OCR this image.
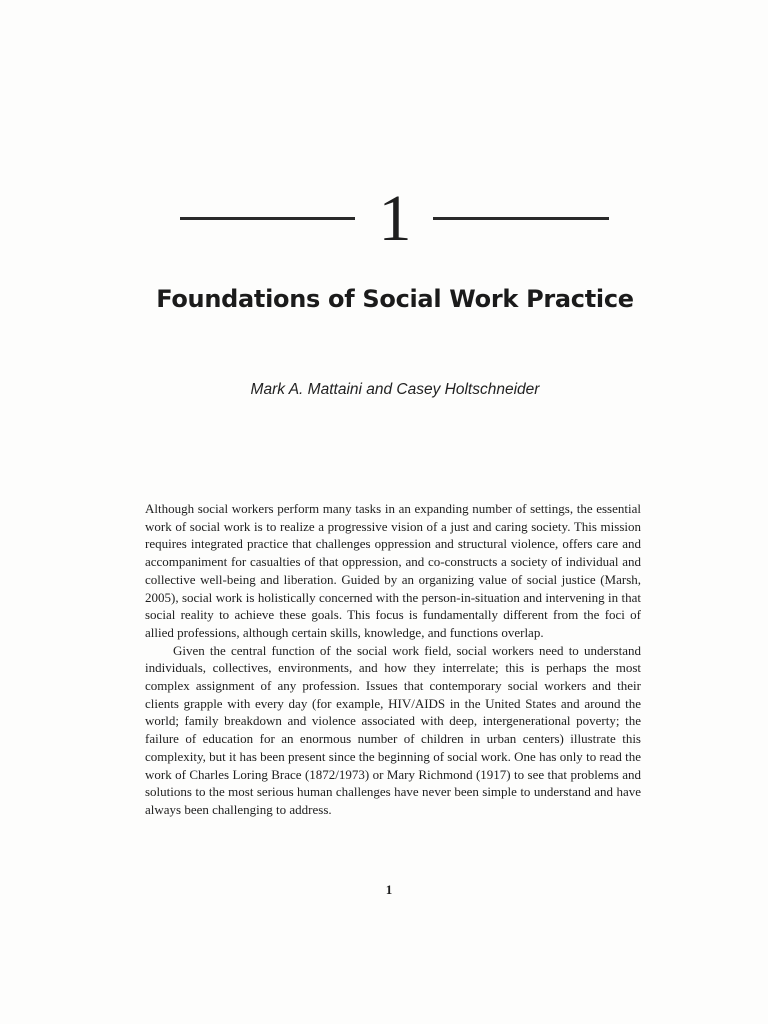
1
Foundations of Social Work Practice

Mark A. Mattaini and Casey Holtschneider

Although social workers perform many tasks in an expanding number of settings, the essential work of social work is to realize a progressive vision of a just and caring society. This mission requires integrated practice that challenges oppression and structural violence, offers care and accompaniment for casualties of that oppression, and co-constructs a society of individual and collective well-being and liberation. Guided by an organizing value of social justice (Marsh, 2005), social work is holistically concerned with the person-in-situation and intervening in that social reality to achieve these goals. This focus is fundamentally different from the foci of allied professions, although certain skills, knowledge, and functions overlap.

Given the central function of the social work field, social workers need to understand individuals, collectives, environments, and how they interrelate; this is perhaps the most complex assignment of any profession. Issues that contemporary social workers and their clients grapple with every day (for example, HIV/AIDS in the United States and around the world; family breakdown and violence associated with deep, intergenerational poverty; the failure of education for an enormous number of children in urban centers) illustrate this complexity, but it has been present since the beginning of social work. One has only to read the work of Charles Loring Brace (1872/1973) or Mary Richmond (1917) to see that problems and solutions to the most serious human challenges have never been simple to understand and have always been challenging to address.

1
